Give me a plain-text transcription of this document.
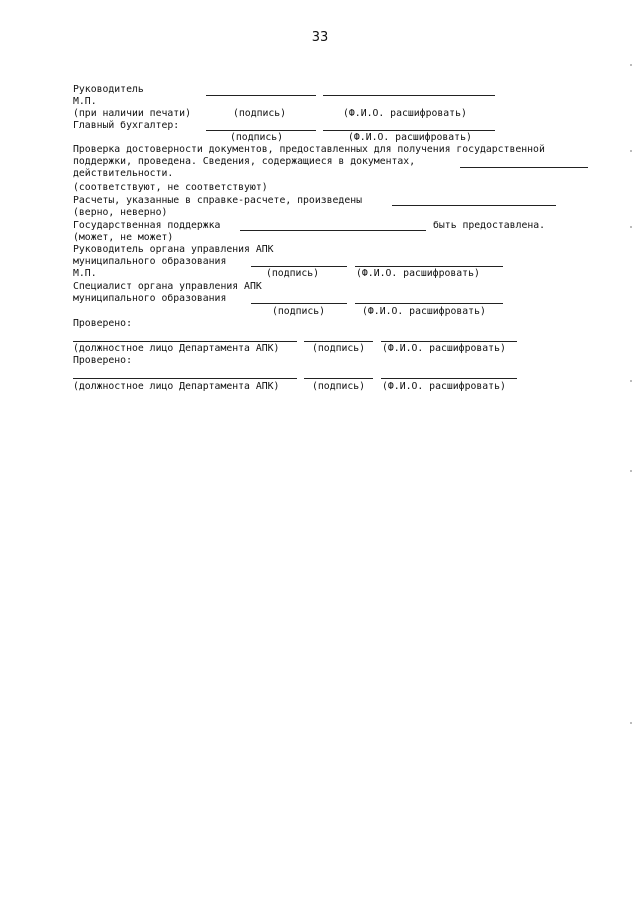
33
Руководитель
М.П.
(при наличии печати)	(подпись)	(Ф.И.О. расшифровать)
Главный бухгалтер:
(подпись)	(Ф.И.О. расшифровать)
Проверка достоверности документов, предоставленных для получения государственной
поддержки, проведена. Сведения, содержащиеся в документах,
действительности.
(соответствуют, не соответствуют)
Расчеты, указанные в справке-расчете, произведены
(верно, неверно)
Государственная поддержка	быть предоставлена.
(может, не может)
Руководитель органа управления АПК
муниципального образования
М.П.	(подпись)	(Ф.И.О. расшифровать)
Специалист органа управления АПК
муниципального образования
(подпись)	(Ф.И.О. расшифровать)
Проверено:
(должностное лицо Департамента АПК)	(подпись) (Ф.И.О. расшифровать)
Проверено:
(должностное лицо Департамента АПК)	(подпись) (Ф.И.О. расшифровать)
